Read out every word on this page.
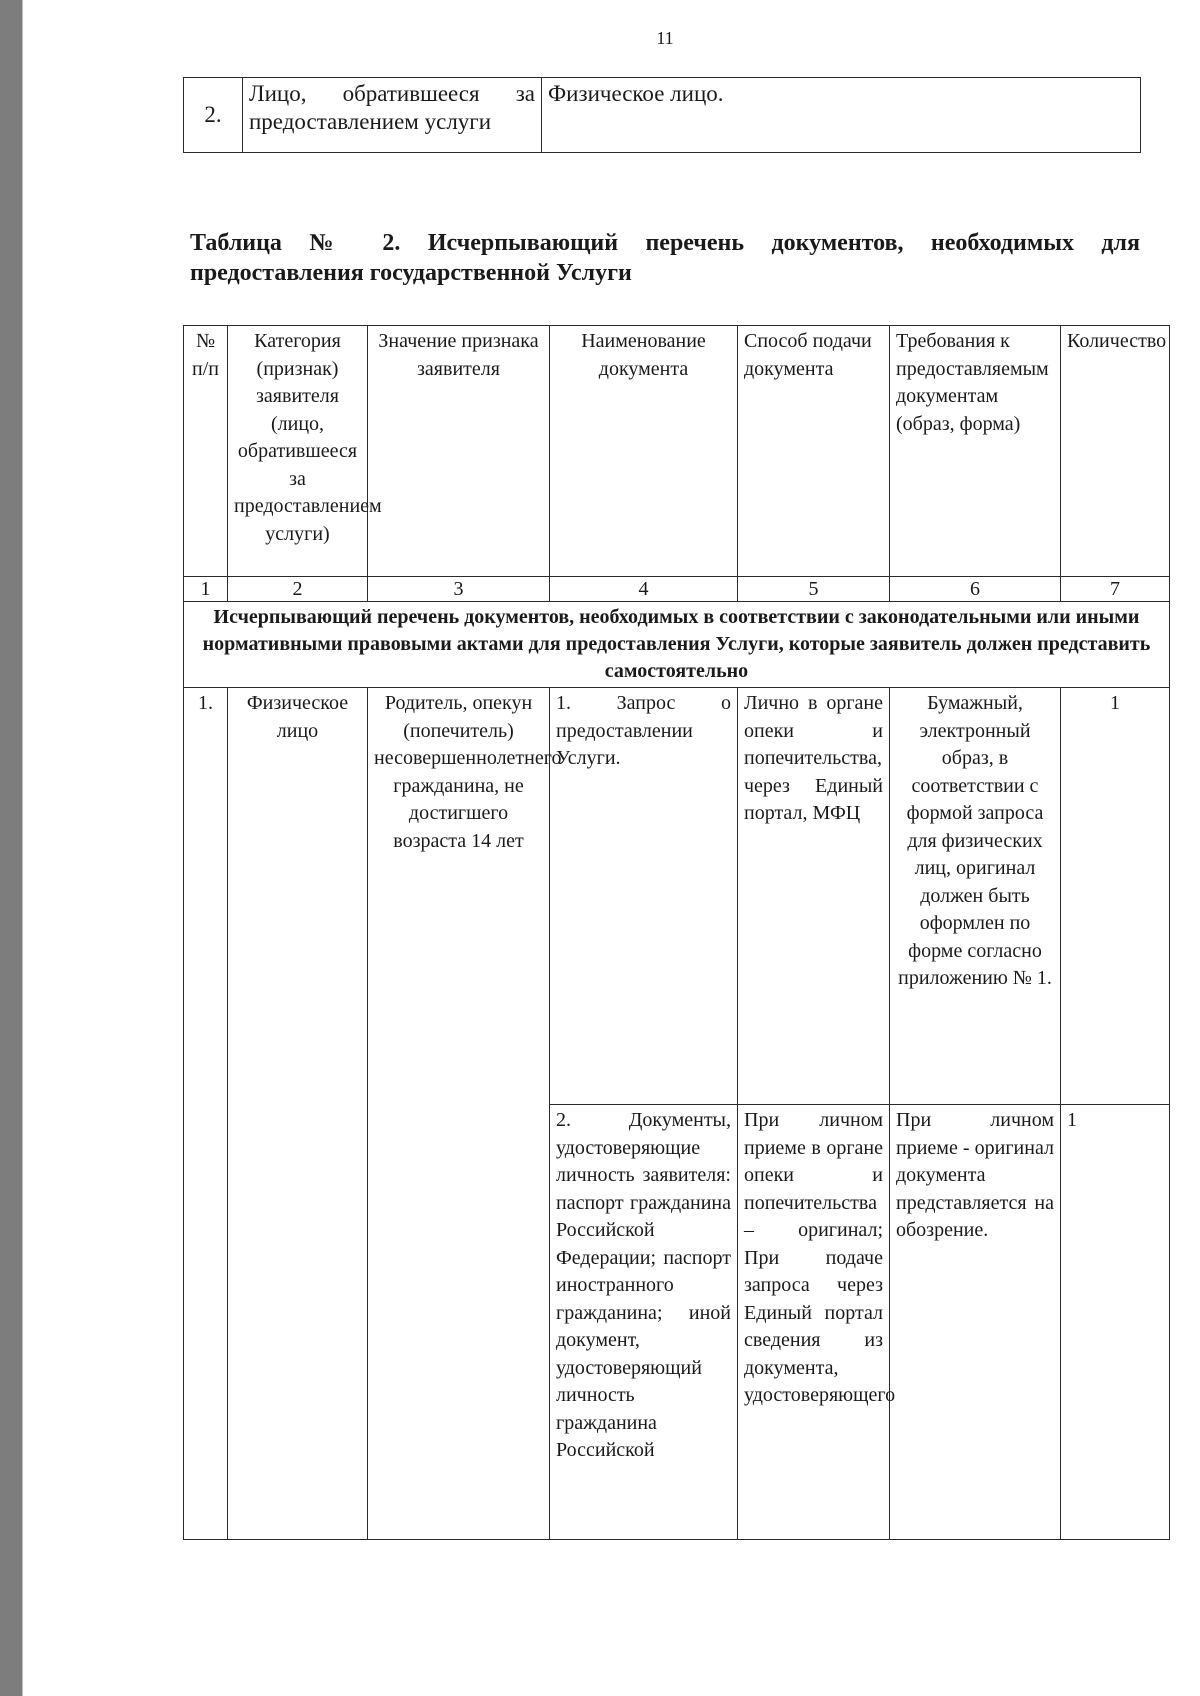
11
2.	Лицо, обратившееся за предоставлением услуги	Физическое лицо.
Таблица № 2. Исчерпывающий перечень документов, необходимых для предоставления государственной Услуги
№ п/п	Категория (признак) заявителя (лицо, обратившееся за предоставлением услуги)	Значение признака заявителя	Наименование документа	Способ подачи документа	Требования к предоставляемым документам (образ, форма)	Количество
1	2	3	4	5	6	7
Исчерпывающий перечень документов, необходимых в соответствии с законодательными или иными нормативными правовыми актами для предоставления Услуги, которые заявитель должен представить самостоятельно						
1.	Физическое лицо	Родитель, опекун (попечитель) несовершеннолетнего гражданина, не достигшего возраста 14 лет	1. Запрос о предоставлении Услуги.	Лично в органе опеки и попечительства, через Единый портал, МФЦ	Бумажный, электронный образ, в соответствии с формой запроса для физических лиц, оригинал должен быть оформлен по форме согласно приложению № 1.	1
			2. Документы, удостоверяющие личность заявителя: паспорт гражданина Российской Федерации; паспорт иностранного гражданина; иной документ, удостоверяющий личность гражданина Российской	При личном приеме в органе опеки и попечительства – оригинал; При подаче запроса через Единый портал сведения из документа, удостоверяющего	При личном приеме - оригинал документа представляется на обозрение.	1
